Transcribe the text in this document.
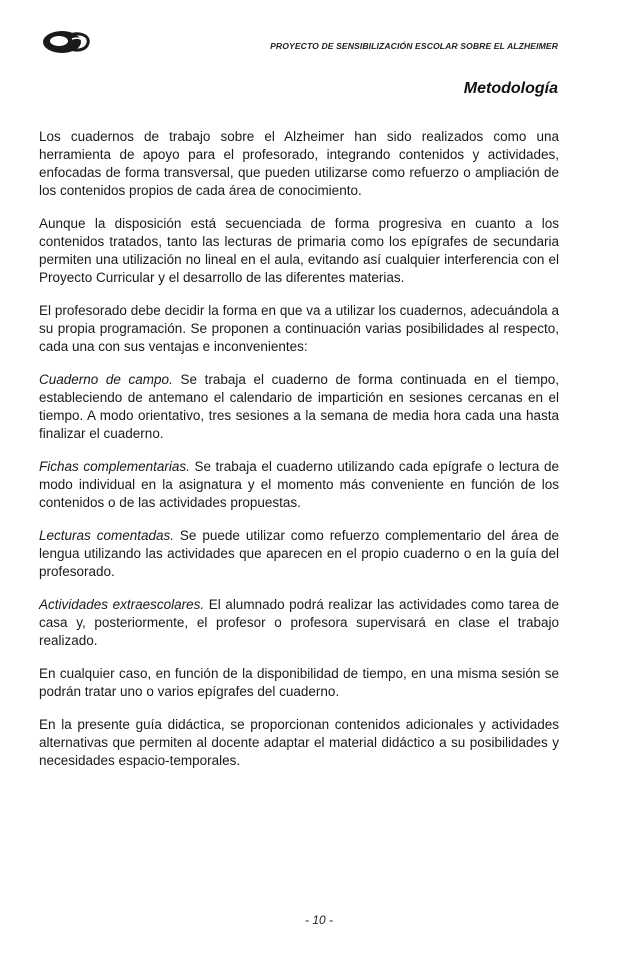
PROYECTO DE SENSIBILIZACIÓN ESCOLAR SOBRE EL ALZHEIMER
Metodología

Los cuadernos de trabajo sobre el Alzheimer han sido realizados como una herramienta de apoyo para el profesorado, integrando contenidos y actividades, enfocadas de forma transversal, que pueden utilizarse como refuerzo o ampliación de los contenidos propios de cada área de conocimiento.

Aunque la disposición está secuenciada de forma progresiva en cuanto a los contenidos tratados, tanto las lecturas de primaria como los epígrafes de secundaria permiten una utilización no lineal en el aula, evitando así cualquier interferencia con el Proyecto Curricular y el desarrollo de las diferentes materias.

El profesorado debe decidir la forma en que va a utilizar los cuadernos, adecuándola a su propia programación. Se proponen a continuación varias posibilidades al respecto, cada una con sus ventajas e inconvenientes:

Cuaderno de campo. Se trabaja el cuaderno de forma continuada en el tiempo, estableciendo de antemano el calendario de impartición en sesiones cercanas en el tiempo. A modo orientativo, tres sesiones a la semana de media hora cada una hasta finalizar el cuaderno.

Fichas complementarias. Se trabaja el cuaderno utilizando cada epígrafe o lectura de modo individual en la asignatura y el momento más conveniente en función de los contenidos o de las actividades propuestas.

Lecturas comentadas. Se puede utilizar como refuerzo complementario del área de lengua utilizando las actividades que aparecen en el propio cuaderno o en la guía del profesorado.

Actividades extraescolares. El alumnado podrá realizar las actividades como tarea de casa y, posteriormente, el profesor o profesora supervisará en clase el trabajo realizado.

En cualquier caso, en función de la disponibilidad de tiempo, en una misma sesión se podrán tratar uno o varios epígrafes del cuaderno.

En la presente guía didáctica, se proporcionan contenidos adicionales y actividades alternativas que permiten al docente adaptar el material didáctico a su posibilidades y necesidades espacio-temporales.

- 10 -
